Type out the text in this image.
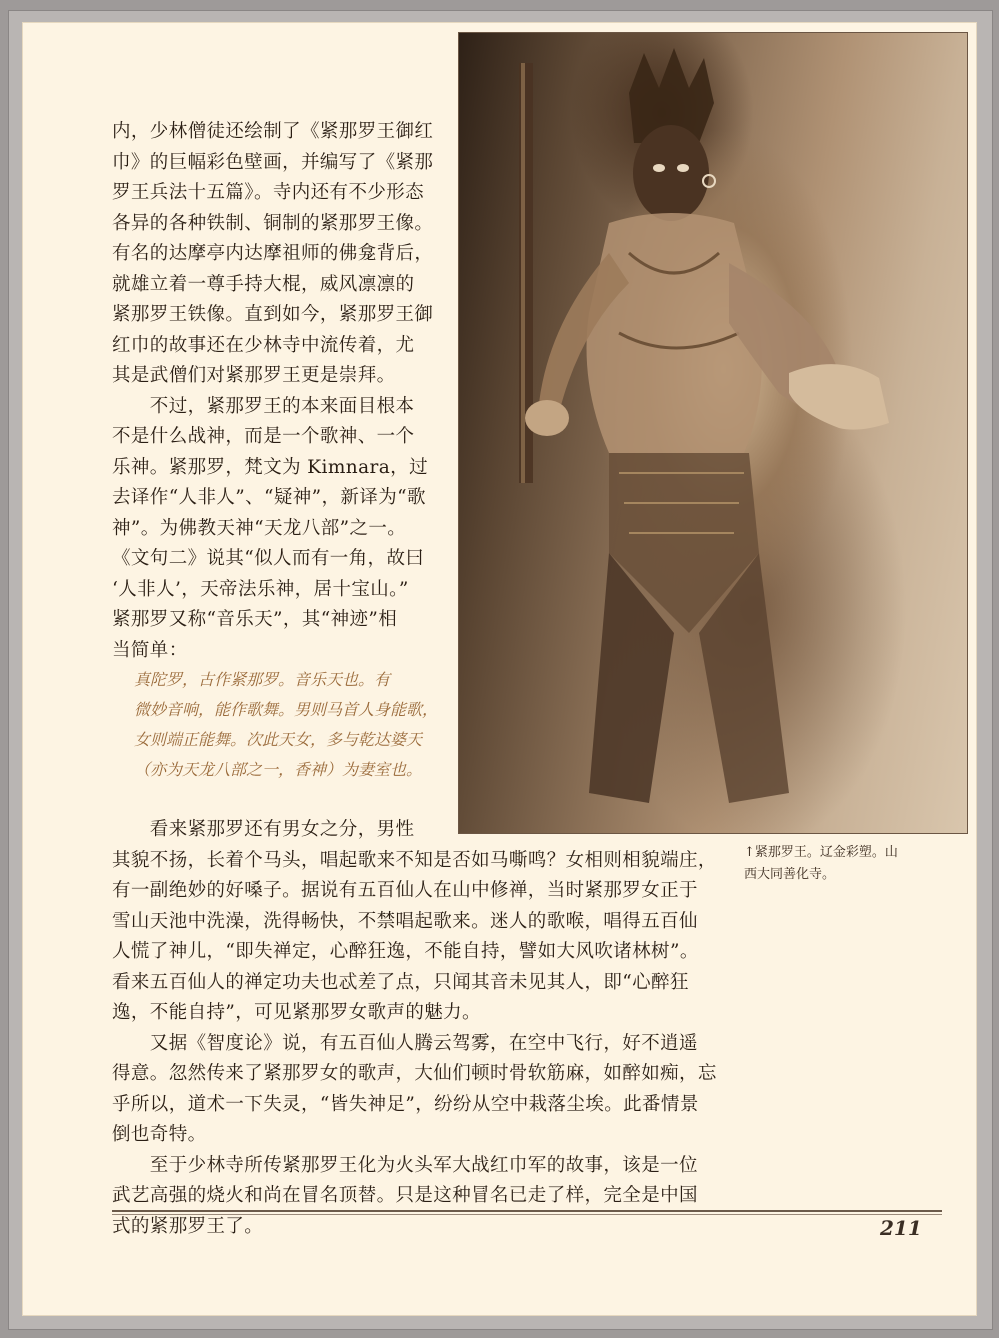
内，少林僧徒还绘制了《紧那罗王御红

巾》的巨幅彩色壁画，并编写了《紧那

罗王兵法十五篇》。寺内还有不少形态

各异的各种铁制、铜制的紧那罗王像。

有名的达摩亭内达摩祖师的佛龛背后，

就雄立着一尊手持大棍，威风凛凛的

紧那罗王铁像。直到如今，紧那罗王御

红巾的故事还在少林寺中流传着，尤

其是武僧们对紧那罗王更是崇拜。

　　不过，紧那罗王的本来面目根本

不是什么战神，而是一个歌神、一个

乐神。紧那罗，梵文为 Kimnara，过

去译作“人非人”、“疑神”，新译为“歌

神”。为佛教天神“天龙八部”之一。

《文句二》说其“似人而有一角，故曰

‘人非人’，天帝法乐神，居十宝山。”

紧那罗又称“音乐天”，其“神迹”相

当简单：

真陀罗，古作紧那罗。音乐天也。有

微妙音响，能作歌舞。男则马首人身能歌，

女则端正能舞。次此天女，多与乾达婆天

（亦为天龙八部之一，香神）为妻室也。

　　看来紧那罗还有男女之分，男性

其貌不扬，长着个马头，唱起歌来不知是否如马嘶鸣？女相则相貌端庄，

有一副绝妙的好嗓子。据说有五百仙人在山中修禅，当时紧那罗女正于

雪山天池中洗澡，洗得畅快，不禁唱起歌来。迷人的歌喉，唱得五百仙

人慌了神儿，“即失禅定，心醉狂逸，不能自持，譬如大风吹诸林树”。

看来五百仙人的禅定功夫也忒差了点，只闻其音未见其人，即“心醉狂

逸，不能自持”，可见紧那罗女歌声的魅力。

　　又据《智度论》说，有五百仙人腾云驾雾，在空中飞行，好不逍遥

得意。忽然传来了紧那罗女的歌声，大仙们顿时骨软筋麻，如醉如痴，忘

乎所以，道术一下失灵，“皆失神足”，纷纷从空中栽落尘埃。此番情景

倒也奇特。

　　至于少林寺所传紧那罗王化为火头军大战红巾军的故事，该是一位

武艺高强的烧火和尚在冒名顶替。只是这种冒名已走了样，完全是中国

式的紧那罗王了。

↑紧那罗王。辽金彩塑。山

西大同善化寺。

211
